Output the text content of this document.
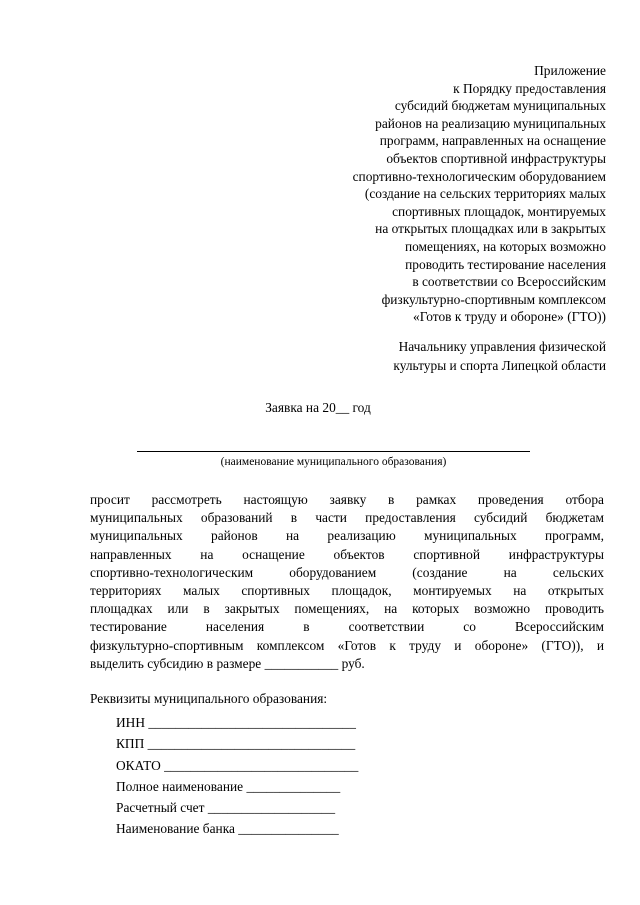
Приложение
к Порядку предоставления
субсидий бюджетам муниципальных
районов на реализацию муниципальных
программ, направленных на оснащение
объектов спортивной инфраструктуры
спортивно-технологическим оборудованием
(создание на сельских территориях малых
спортивных площадок, монтируемых
на открытых площадках или в закрытых
помещениях, на которых возможно
проводить тестирование населения
в соответствии со Всероссийским
физкультурно-спортивным комплексом
«Готов к труду и обороне» (ГТО))
Начальнику управления физической
культуры и спорта Липецкой области
Заявка на 20__ год
(наименование муниципального образования)
просит рассмотреть настоящую заявку в рамках проведения отбора
муниципальных образований в части предоставления субсидий бюджетам
муниципальных районов на реализацию муниципальных программ,
направленных на оснащение объектов спортивной инфраструктуры
спортивно-технологическим оборудованием (создание на сельских
территориях малых спортивных площадок, монтируемых на открытых
площадках или в закрытых помещениях, на которых возможно проводить
тестирование населения в соответствии со Всероссийским
физкультурно-спортивным комплексом «Готов к труду и обороне» (ГТО)), и
выделить субсидию в размере ___________ руб.
Реквизиты муниципального образования:
ИНН _______________________________
КПП _______________________________
ОКАТО _____________________________
Полное наименование ______________
Расчетный счет ___________________
Наименование банка _______________
